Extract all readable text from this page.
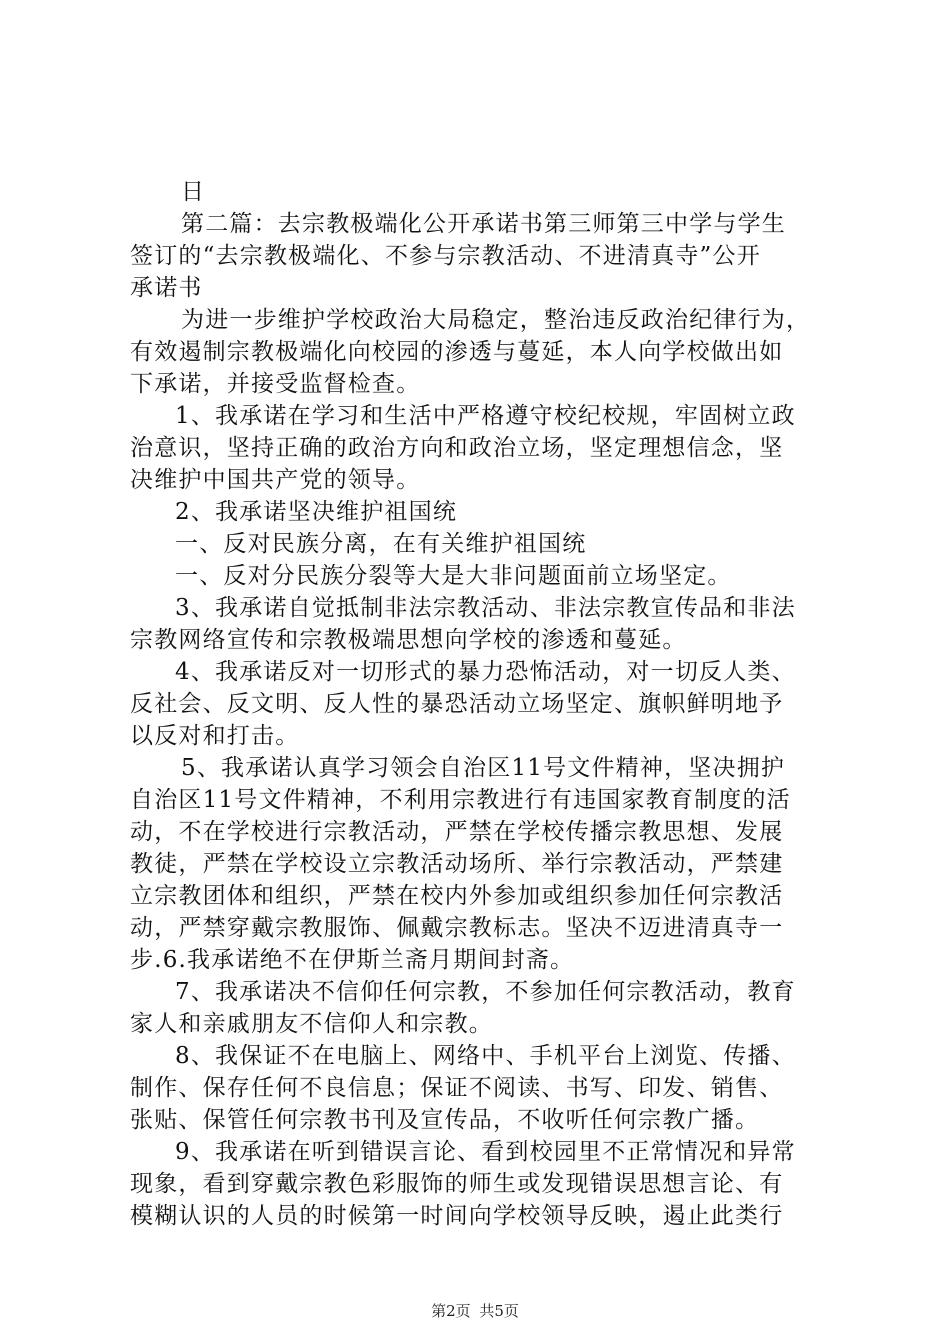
日
第二篇：去宗教极端化公开承诺书第三师第三中学与学生
签订的“去宗教极端化、不参与宗教活动、不进清真寺”公开
承诺书
为进一步维护学校政治大局稳定，整治违反政治纪律行为，
有效遏制宗教极端化向校园的渗透与蔓延，本人向学校做出如
下承诺，并接受监督检查。
1、我承诺在学习和生活中严格遵守校纪校规，牢固树立政
治意识，坚持正确的政治方向和政治立场，坚定理想信念，坚
决维护中国共产党的领导。
2、我承诺坚决维护祖国统
一、反对民族分离，在有关维护祖国统
一、反对分民族分裂等大是大非问题面前立场坚定。
3、我承诺自觉抵制非法宗教活动、非法宗教宣传品和非法
宗教网络宣传和宗教极端思想向学校的渗透和蔓延。
4、我承诺反对一切形式的暴力恐怖活动，对一切反人类、
反社会、反文明、反人性的暴恐活动立场坚定、旗帜鲜明地予
以反对和打击。
5、我承诺认真学习领会自治区11号文件精神，坚决拥护
自治区11号文件精神，不利用宗教进行有违国家教育制度的活
动，不在学校进行宗教活动，严禁在学校传播宗教思想、发展
教徒，严禁在学校设立宗教活动场所、举行宗教活动，严禁建
立宗教团体和组织，严禁在校内外参加或组织参加任何宗教活
动，严禁穿戴宗教服饰、佩戴宗教标志。坚决不迈进清真寺一
步.6.我承诺绝不在伊斯兰斋月期间封斋。
7、我承诺决不信仰任何宗教，不参加任何宗教活动，教育
家人和亲戚朋友不信仰人和宗教。
8、我保证不在电脑上、网络中、手机平台上浏览、传播、
制作、保存任何不良信息；保证不阅读、书写、印发、销售、
张贴、保管任何宗教书刊及宣传品，不收听任何宗教广播。
9、我承诺在听到错误言论、看到校园里不正常情况和异常
现象，看到穿戴宗教色彩服饰的师生或发现错误思想言论、有
模糊认识的人员的时候第一时间向学校领导反映，遏止此类行
第2页 共5页
